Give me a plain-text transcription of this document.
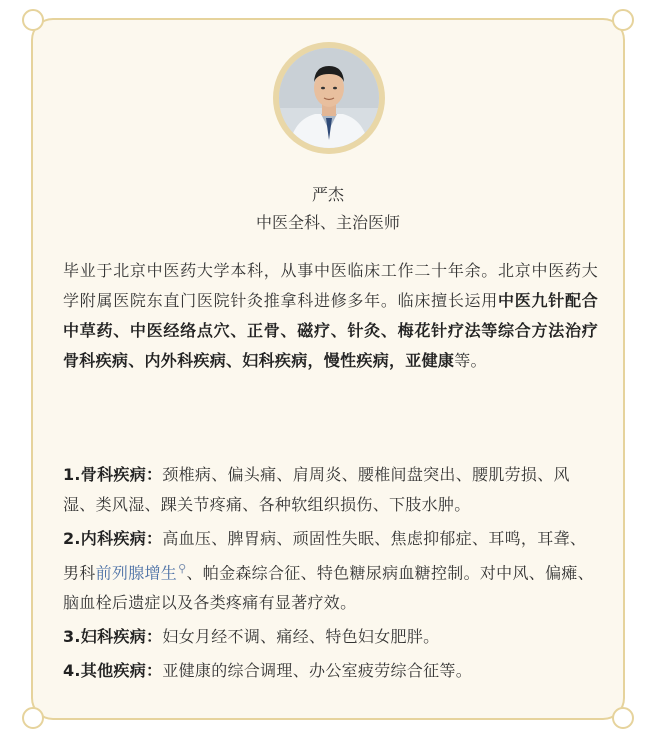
严杰
中医全科、主治医师
毕业于北京中医药大学本科，从事中医临床工作二十年余。北京中医药大学附属医院东直门医院针灸推拿科进修多年。临床擅长运用中医九针配合中草药、中医经络点穴、正骨、磁疗、针灸、梅花针疗法等综合方法治疗骨科疾病、内外科疾病、妇科疾病，慢性疾病，亚健康等。

1.骨科疾病：颈椎病、偏头痛、肩周炎、腰椎间盘突出、腰肌劳损、风湿、类风湿、踝关节疼痛、各种软组织损伤、下肢水肿。

2.内科疾病：高血压、脾胃病、顽固性失眠、焦虑抑郁症、耳鸣，耳聋、男科前列腺增生⚲、帕金森综合征、特色糖尿病血糖控制。对中风、偏瘫、脑血栓后遗症以及各类疼痛有显著疗效。

3.妇科疾病：妇女月经不调、痛经、特色妇女肥胖。

4.其他疾病：亚健康的综合调理、办公室疲劳综合征等。
